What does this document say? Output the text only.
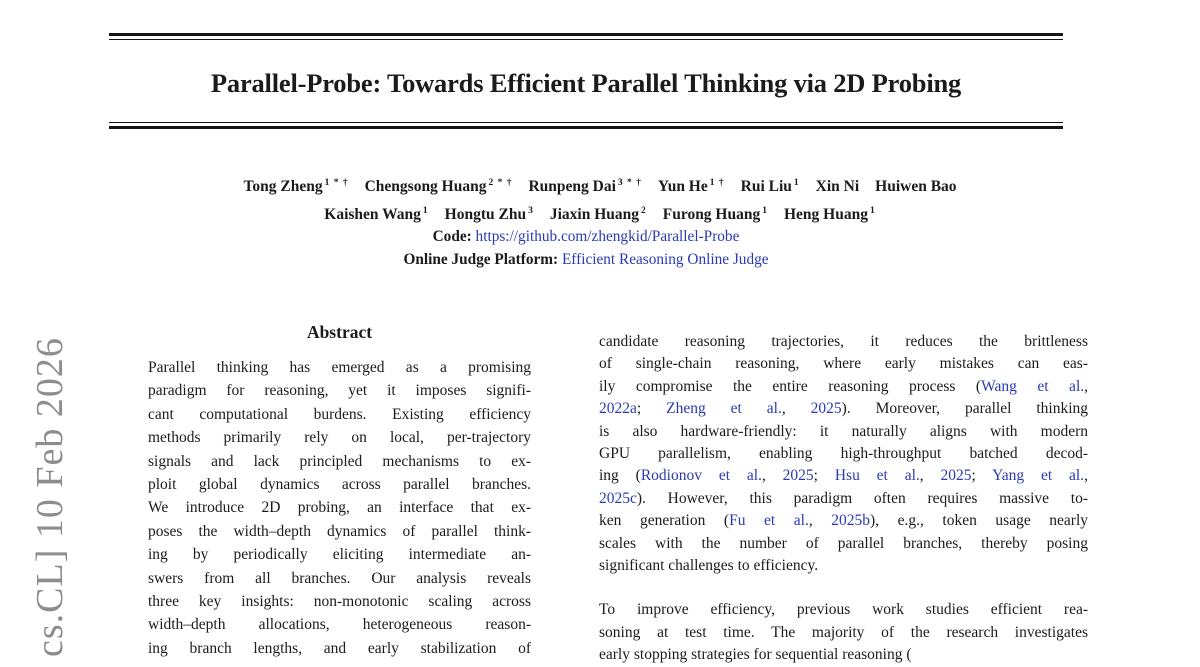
cs.CL] 10 Feb 2026
Parallel-Probe: Towards Efficient Parallel Thinking via 2D Probing
Tong Zheng $^{1 * \dagger}$ Chengsong Huang $^{2 * \dagger}$ Runpeng Dai $^{3 * \dagger}$ Yun He $^{1 \dagger}$ Rui Liu $^1$ Xin Ni Huiwen Bao
Kaishen Wang $^1$ Hongtu Zhu $^3$ Jiaxin Huang $^2$ Furong Huang $^1$ Heng Huang $^1$
Code: https://github.com/zhengkid/Parallel-Probe
Online Judge Platform: Efficient Reasoning Online Judge
Abstract
Parallel thinking has emerged as a promising
paradigm for reasoning, yet it imposes signifi-
cant computational burdens. Existing efficiency
methods primarily rely on local, per-trajectory
signals and lack principled mechanisms to ex-
ploit global dynamics across parallel branches.
We introduce 2D probing, an interface that ex-
poses the width–depth dynamics of parallel think-
ing by periodically eliciting intermediate an-
swers from all branches. Our analysis reveals
three key insights: non-monotonic scaling across
width–depth allocations, heterogeneous reason-
ing branch lengths, and early stabilization of
candidate reasoning trajectories, it reduces the brittleness
of single-chain reasoning, where early mistakes can eas-
ily compromise the entire reasoning process (Wang et al.,
2022a; Zheng et al., 2025). Moreover, parallel thinking
is also hardware-friendly: it naturally aligns with modern
GPU parallelism, enabling high-throughput batched decod-
ing (Rodionov et al., 2025; Hsu et al., 2025; Yang et al.,
2025c). However, this paradigm often requires massive to-
ken generation (Fu et al., 2025b), e.g., token usage nearly
scales with the number of parallel branches, thereby posing
significant challenges to efficiency.
To improve efficiency, previous work studies efficient rea-
soning at test time. The majority of the research investigates
early stopping strategies for sequential reasoning (
